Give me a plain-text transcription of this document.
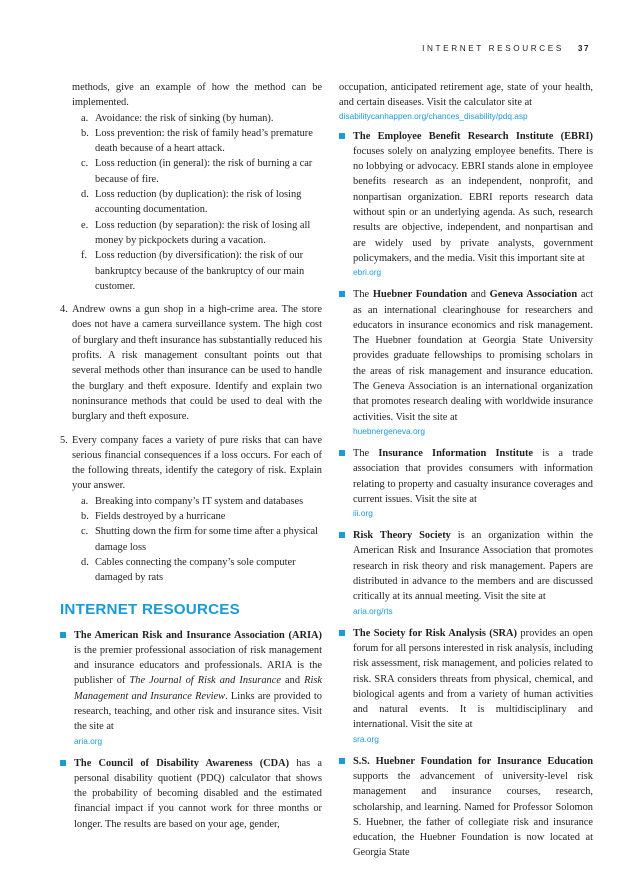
INTERNET RESOURCES 37

methods, give an example of how the method can be implemented.

a. Avoidance: the risk of sinking (by human).
b. Loss prevention: the risk of family head’s premature death because of a heart attack.
c. Loss reduction (in general): the risk of burning a car because of fire.
d. Loss reduction (by duplication): the risk of losing accounting documentation.
e. Loss reduction (by separation): the risk of losing all money by pickpockets during a vacation.
f. Loss reduction (by diversification): the risk of our bankruptcy because of the bankruptcy of our main customer.
4. Andrew owns a gun shop in a high-crime area. The store does not have a camera surveillance system. The high cost of burglary and theft insurance has substantially reduced his profits. A risk management consultant points out that several methods other than insurance can be used to handle the burglary and theft exposure. Identify and explain two noninsurance methods that could be used to deal with the burglary and theft exposure.

5. Every company faces a variety of pure risks that can have serious financial consequences if a loss occurs. For each of the following threats, identify the category of risk. Explain your answer.

a. Breaking into company’s IT system and databases
b. Fields destroyed by a hurricane
c. Shutting down the firm for some time after a physical damage loss
d. Cables connecting the company’s sole computer damaged by rats
INTERNET RESOURCES
The American Risk and Insurance Association (ARIA) is the premier professional association of risk management and insurance educators and professionals. ARIA is the publisher of The Journal of Risk and Insurance and Risk Management and Insurance Review. Links are provided to research, teaching, and other risk and insurance sites. Visit the site at
aria.org
The Council of Disability Awareness (CDA) has a personal disability quotient (PDQ) calculator that shows the probability of becoming disabled and the estimated financial impact if you cannot work for three months or longer. The results are based on your age, gender,

occupation, anticipated retirement age, state of your health, and certain diseases. Visit the calculator site at

disabilitycanhappen.org/chances_disability/pdq.asp
The Employee Benefit Research Institute (EBRI) focuses solely on analyzing employee benefits. There is no lobbying or advocacy. EBRI stands alone in employee benefits research as an independent, nonprofit, and nonpartisan organization. EBRI reports research data without spin or an underlying agenda. As such, research results are objective, independent, and nonpartisan and are widely used by private analysts, government policymakers, and the media. Visit this important site at
ebri.org
The Huebner Foundation and Geneva Association act as an international clearinghouse for researchers and educators in insurance economics and risk management. The Huebner foundation at Georgia State University provides graduate fellowships to promising scholars in the areas of risk management and insurance education. The Geneva Association is an international organization that promotes research dealing with worldwide insurance activities. Visit the site at
huebnergeneva.org
The Insurance Information Institute is a trade association that provides consumers with information relating to property and casualty insurance coverages and current issues. Visit the site at
iii.org
Risk Theory Society is an organization within the American Risk and Insurance Association that promotes research in risk theory and risk management. Papers are distributed in advance to the members and are discussed critically at its annual meeting. Visit the site at
aria.org/rts
The Society for Risk Analysis (SRA) provides an open forum for all persons interested in risk analysis, including risk assessment, risk management, and policies related to risk. SRA considers threats from physical, chemical, and biological agents and from a variety of human activities and natural events. It is multidisciplinary and international. Visit the site at
sra.org
S.S. Huebner Foundation for Insurance Education supports the advancement of university-level risk management and insurance courses, research, scholarship, and learning. Named for Professor Solomon S. Huebner, the father of collegiate risk and insurance education, the Huebner Foundation is now located at Georgia State
